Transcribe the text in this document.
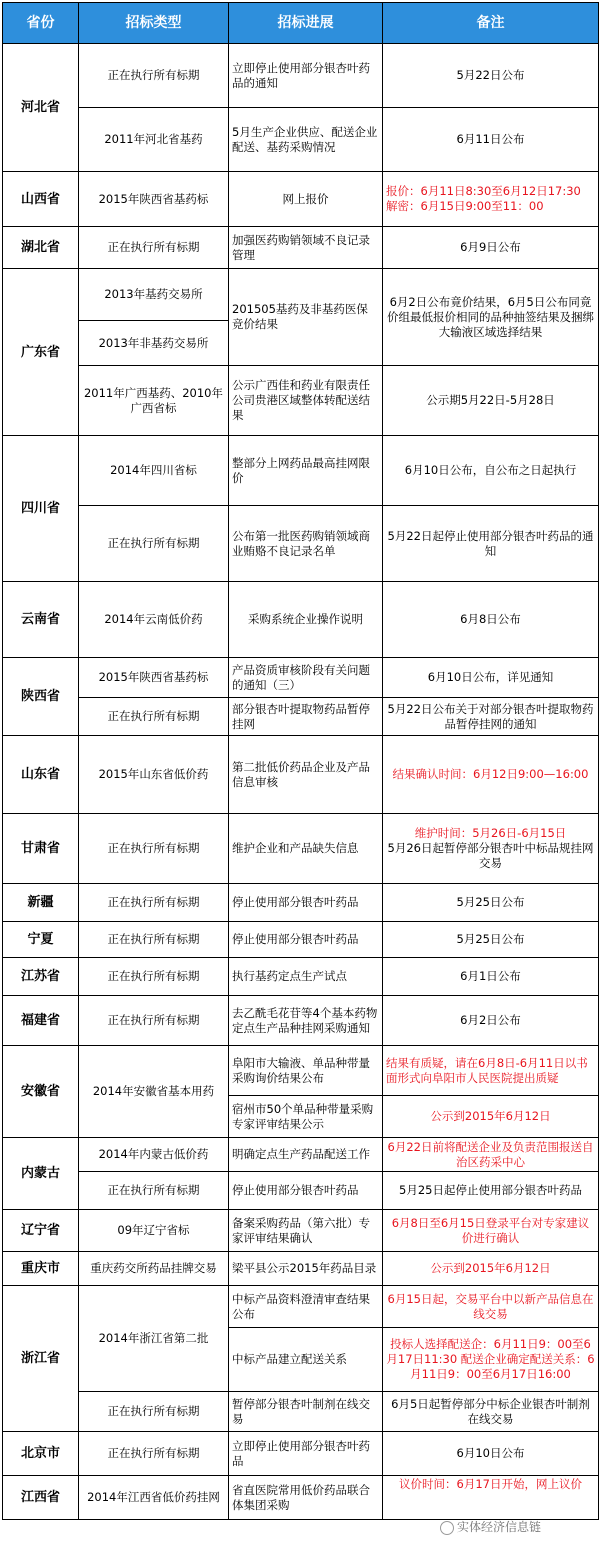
省份	招标类型	招标进展	备注
河北省	正在执行所有标期	立即停止使用部分银杏叶药品的通知	5月22日公布
	2011年河北省基药	5月生产企业供应、配送企业配送、基药采购情况	6月11日公布
山西省	2015年陕西省基药标	网上报价	报价：6月11日8:30至6月12日17:30 解密：6月15日9:00至11：00
湖北省	正在执行所有标期	加强医药购销领域不良记录管理	6月9日公布
广东省	2013年基药交易所	201505基药及非基药医保竞价结果	6月2日公布竟价结果，6月5日公布同竟价组最低报价相同的品种抽签结果及捆绑大输液区域选择结果
	2013年非基药交易所		
	2011年广西基药、2010年广西省标	公示广西佳和药业有限责任公司贵港区域整体转配送结果	公示期5月22日-5月28日
四川省	2014年四川省标	整部分上网药品最高挂网限价	6月10日公布，自公布之日起执行
	正在执行所有标期	公布第一批医药购销领域商业贿赂不良记录名单	5月22日起停止使用部分银杏叶药品的通知
云南省	2014年云南低价药	采购系统企业操作说明	6月8日公布
陕西省	2015年陕西省基药标	产品资质审核阶段有关问题的通知（三）	6月10日公布，详见通知
	正在执行所有标期	部分银杏叶提取物药品暂停挂网	5月22日公布关于对部分银杏叶提取物药品暂停挂网的通知
山东省	2015年山东省低价药	第二批低价药品企业及产品信息审核	结果确认时间：6月12日9:00—16:00
甘肃省	正在执行所有标期	维护企业和产品缺失信息	维护时间：5月26日-6月15日
5月26日起暂停部分银杏叶中标品规挂网交易

新疆	正在执行所有标期	停止使用部分银杏叶药品	5月25日公布
宁夏	正在执行所有标期	停止使用部分银杏叶药品	5月25日公布
江苏省	正在执行所有标期	执行基药定点生产试点	6月1日公布
福建省	正在执行所有标期	去乙酰毛花苷等4个基本药物定点生产品种挂网采购通知	6月2日公布
安徽省	2014年安徽省基本用药	阜阳市大输液、单品种带量采购询价结果公布	结果有质疑，请在6月8日-6月11日以书面形式向阜阳市人民医院提出质疑
		宿州市50个单品种带量采购专家评审结果公示	公示到2015年6月12日
内蒙古	2014年内蒙古低价药	明确定点生产药品配送工作	6月22日前将配送企业及负责范围报送自治区药采中心
	正在执行所有标期	停止使用部分银杏叶药品	5月25日起停止使用部分银杏叶药品
辽宁省	09年辽宁省标	备案采购药品（第六批）专家评审结果确认	6月8日至6月15日登录平台对专家建议价进行确认
重庆市	重庆药交所药品挂牌交易	梁平县公示2015年药品目录	公示到2015年6月12日
浙江省	2014年浙江省第二批	中标产品资料澄清审查结果公布	6月15日起，交易平台中以新产品信息在线交易
		中标产品建立配送关系	投标人选择配送企：6月11日9：00至6月17日11:30 配送企业确定配送关系：6月11日9：00至6月17日16:00
	正在执行所有标期	暂停部分银杏叶制剂在线交易	6月5日起暂停部分中标企业银杏叶制剂在线交易
北京市	正在执行所有标期	立即停止使用部分银杏叶药品	6月10日公布
江西省	2014年江西省低价药挂网	省直医院常用低价药品联合体集团采购	议价时间：6月17日开始，网上议价
实体经济信息链
